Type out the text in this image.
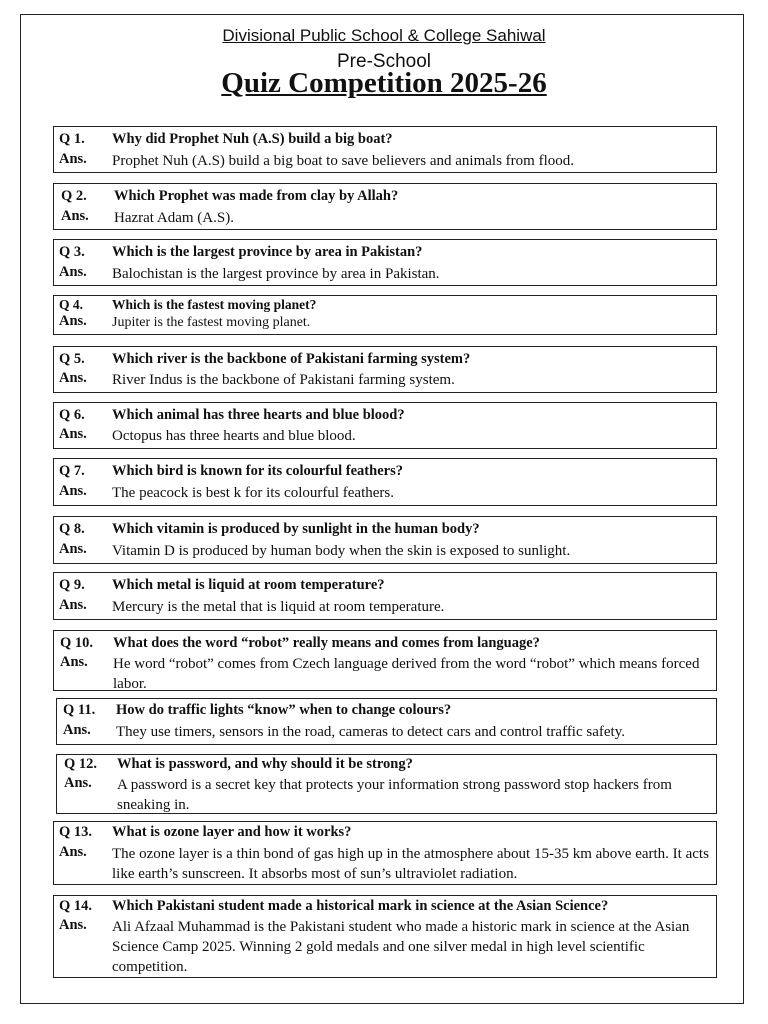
Divisional Public School & College Sahiwal
Pre-School
Quiz Competition 2025-26
Q 1. Why did Prophet Nuh (A.S) build a big boat?
Ans. Prophet Nuh (A.S) build a big boat to save believers and animals from flood.
Q 2. Which Prophet was made from clay by Allah?
Ans. Hazrat Adam (A.S).
Q 3. Which is the largest province by area in Pakistan?
Ans. Balochistan is the largest province by area in Pakistan.
Q 4. Which is the fastest moving planet?
Ans. Jupiter is the fastest moving planet.
Q 5. Which river is the backbone of Pakistani farming system?
Ans. River Indus is the backbone of Pakistani farming system.
Q 6. Which animal has three hearts and blue blood?
Ans. Octopus has three hearts and blue blood.
Q 7. Which bird is known for its colourful feathers?
Ans. The peacock is best k for its colourful feathers.
Q 8. Which vitamin is produced by sunlight in the human body?
Ans. Vitamin D is produced by human body when the skin is exposed to sunlight.
Q 9. Which metal is liquid at room temperature?
Ans. Mercury is the metal that is liquid at room temperature.
Q 10. What does the word “robot” really means and comes from language?
Ans. He word “robot” comes from Czech language derived from the word “robot” which means forced labor.
Q 11. How do traffic lights “know” when to change colours?
Ans. They use timers, sensors in the road, cameras to detect cars and control traffic safety.
Q 12. What is password, and why should it be strong?
Ans. A password is a secret key that protects your information strong password stop hackers from sneaking in.
Q 13. What is ozone layer and how it works?
Ans. The ozone layer is a thin bond of gas high up in the atmosphere about 15-35 km above earth. It acts like earth’s sunscreen. It absorbs most of sun’s ultraviolet radiation.
Q 14. Which Pakistani student made a historical mark in science at the Asian Science?
Ans. Ali Afzaal Muhammad is the Pakistani student who made a historic mark in science at the Asian Science Camp 2025. Winning 2 gold medals and one silver medal in high level scientific competition.
